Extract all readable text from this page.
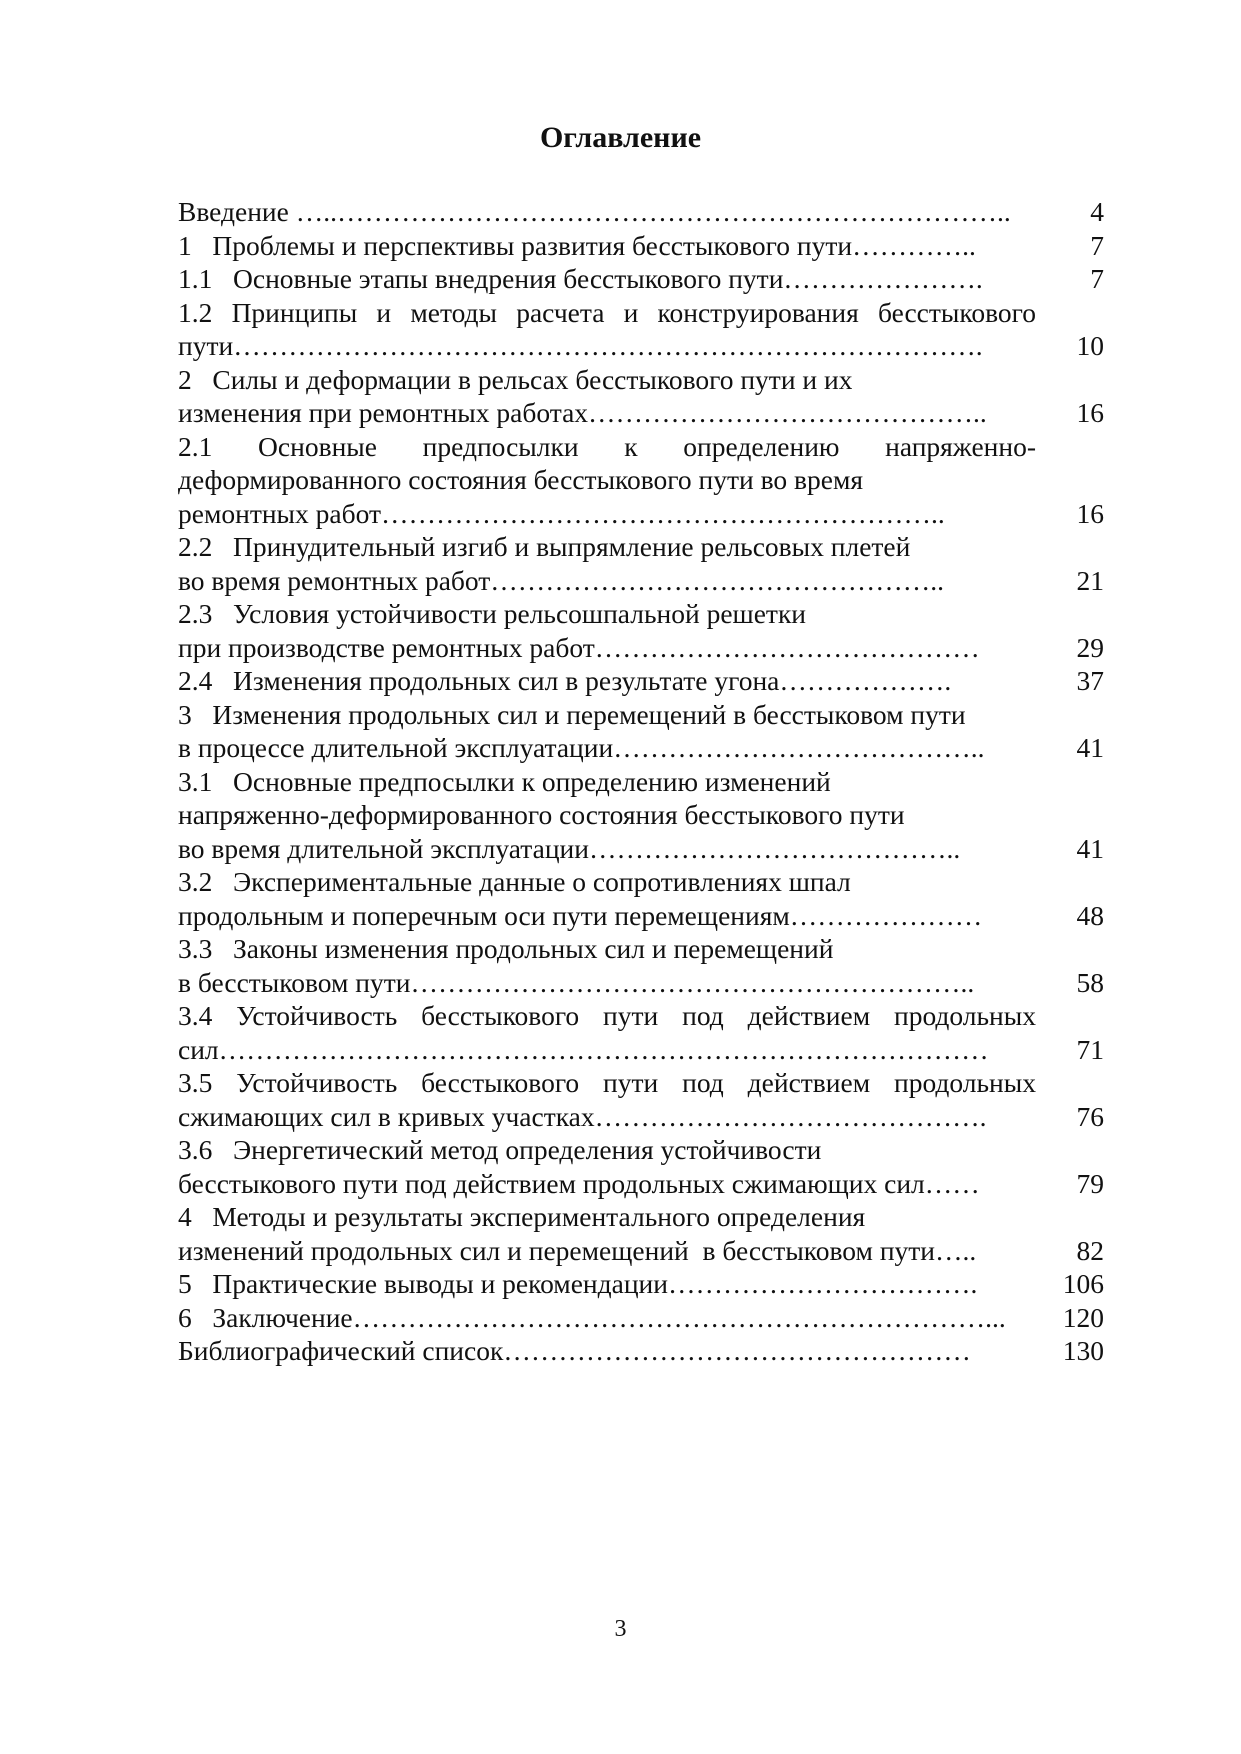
Оглавление
Введение …..………………………………………………………………..	4
1   Проблемы и перспективы развития бесстыкового пути…………..	7
1.1   Основные этапы внедрения бесстыкового пути………………….	7
1.2 Принципы и методы расчета и конструирования бесстыкового
пути……………………………………………………………………….	10
2   Силы и деформации в рельсах бесстыкового пути и их
изменения при ремонтных работах……………………………………..	16
2.1 Основные предпосылки к определению напряженно-
деформированного состояния бесстыкового пути во время
ремонтных работ……………………………………………………..	16
2.2   Принудительный изгиб и выпрямление рельсовых плетей
во время ремонтных работ…………………………………………..	21
2.3   Условия устойчивости рельсошпальной решетки
при производстве ремонтных работ……………………………………	29
2.4   Изменения продольных сил в результате угона……………….	37
3   Изменения продольных сил и перемещений в бесстыковом пути
в процессе длительной эксплуатации…………………………………..	41
3.1   Основные предпосылки к определению изменений
напряженно-деформированного состояния бесстыкового пути
во время длительной эксплуатации…………………………………..	41
3.2   Экспериментальные данные о сопротивлениях шпал
продольным и поперечным оси пути перемещениям…………………	48
3.3   Законы изменения продольных сил и перемещений
в бесстыковом пути……………………………………………………..	58
3.4 Устойчивость бесстыкового пути под действием продольных
сил…………………………………………………………………………	71
3.5 Устойчивость бесстыкового пути под действием продольных
сжимающих сил в кривых участках…………………………………….	76
3.6   Энергетический метод определения устойчивости
бесстыкового пути под действием продольных сжимающих сил……	79
4   Методы и результаты экспериментального определения
изменений продольных сил и перемещений  в бесстыковом пути…..	82
5   Практические выводы и рекомендации…………………………….	106
6   Заключение……………………………………………………………... 120
Библиографический список……………………………………………	130
3
